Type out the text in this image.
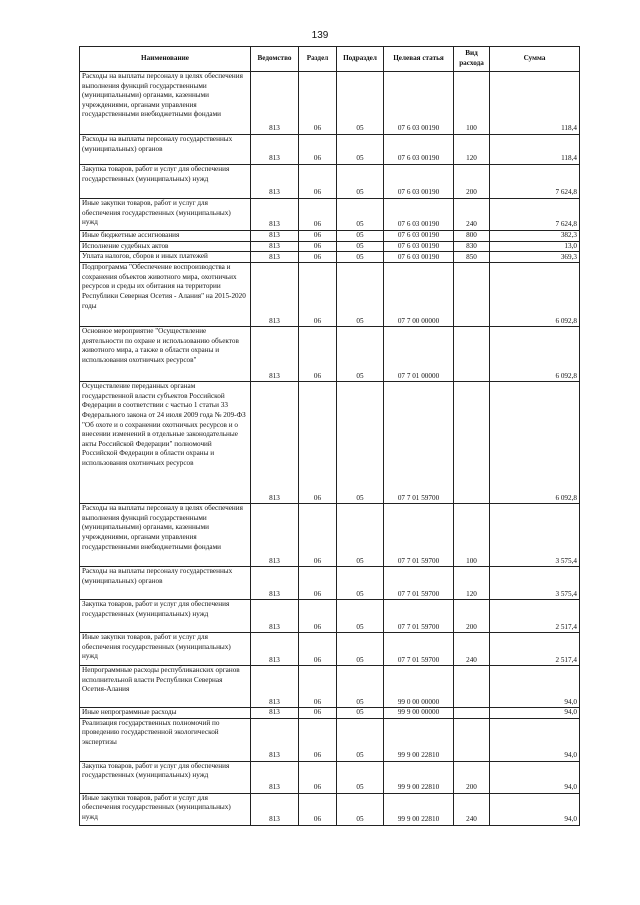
139
Наименование	Ведомство	Раздел	Подраздел	Целевая статья	Вид расхода	Сумма
Расходы на выплаты персоналу в целях обеспечения выполнения функций государственными (муниципальными) органами, казенными учреждениями, органами управления государственными внебюджетными фондами	813	06	05	07 6 03 00190	100	118,4
Расходы на выплаты персоналу государственных (муниципальных) органов	813	06	05	07 6 03 00190	120	118,4
Закупка товаров, работ и услуг для обеспечения государственных (муниципальных) нужд	813	06	05	07 6 03 00190	200	7 624,8
Иные закупки товаров, работ и услуг для обеспечения государственных (муниципальных) нужд	813	06	05	07 6 03 00190	240	7 624,8
Иные бюджетные ассигнования	813	06	05	07 6 03 00190	800	382,3
Исполнение судебных актов	813	06	05	07 6 03 00190	830	13,0
Уплата налогов, сборов и иных платежей	813	06	05	07 6 03 00190	850	369,3
Подпрограмма "Обеспечение воспроизводства и сохранения объектов животного мира, охотничьих ресурсов и среды их обитания на территории Республики Северная Осетия - Алания" на 2015-2020 годы	813	06	05	07 7 00 00000		6 092,8
Основное мероприятие "Осуществление деятельности по охране и использованию объектов животного мира, а также в области охраны и использования охотничьих ресурсов"	813	06	05	07 7 01 00000		6 092,8
Осуществление переданных органам государственной власти субъектов Российской Федерации в соответствии с частью 1 статьи 33 Федерального закона от 24 июля 2009 года № 209-ФЗ "Об охоте и о сохранении охотничьих ресурсов и о внесении изменений в отдельные законодательные акты Российской Федерации" полномочий Российской Федерации в области охраны и использования охотничьих ресурсов	813	06	05	07 7 01 59700		6 092,8
Расходы на выплаты персоналу в целях обеспечения выполнения функций государственными (муниципальными) органами, казенными учреждениями, органами управления государственными внебюджетными фондами	813	06	05	07 7 01 59700	100	3 575,4
Расходы на выплаты персоналу государственных (муниципальных) органов	813	06	05	07 7 01 59700	120	3 575,4
Закупка товаров, работ и услуг для обеспечения государственных (муниципальных) нужд	813	06	05	07 7 01 59700	200	2 517,4
Иные закупки товаров, работ и услуг для обеспечения государственных (муниципальных) нужд	813	06	05	07 7 01 59700	240	2 517,4
Непрограммные расходы республиканских органов исполнительной власти Республики Северная Осетия-Алания	813	06	05	99 0 00 00000		94,0
Иные непрограммные расходы	813	06	05	99 9 00 00000		94,0
Реализация государственных полномочий по проведению государственной экологической экспертизы	813	06	05	99 9 00 22810		94,0
Закупка товаров, работ и услуг для обеспечения государственных (муниципальных) нужд	813	06	05	99 9 00 22810	200	94,0
Иные закупки товаров, работ и услуг для обеспечения государственных (муниципальных) нужд	813	06	05	99 9 00 22810	240	94,0
